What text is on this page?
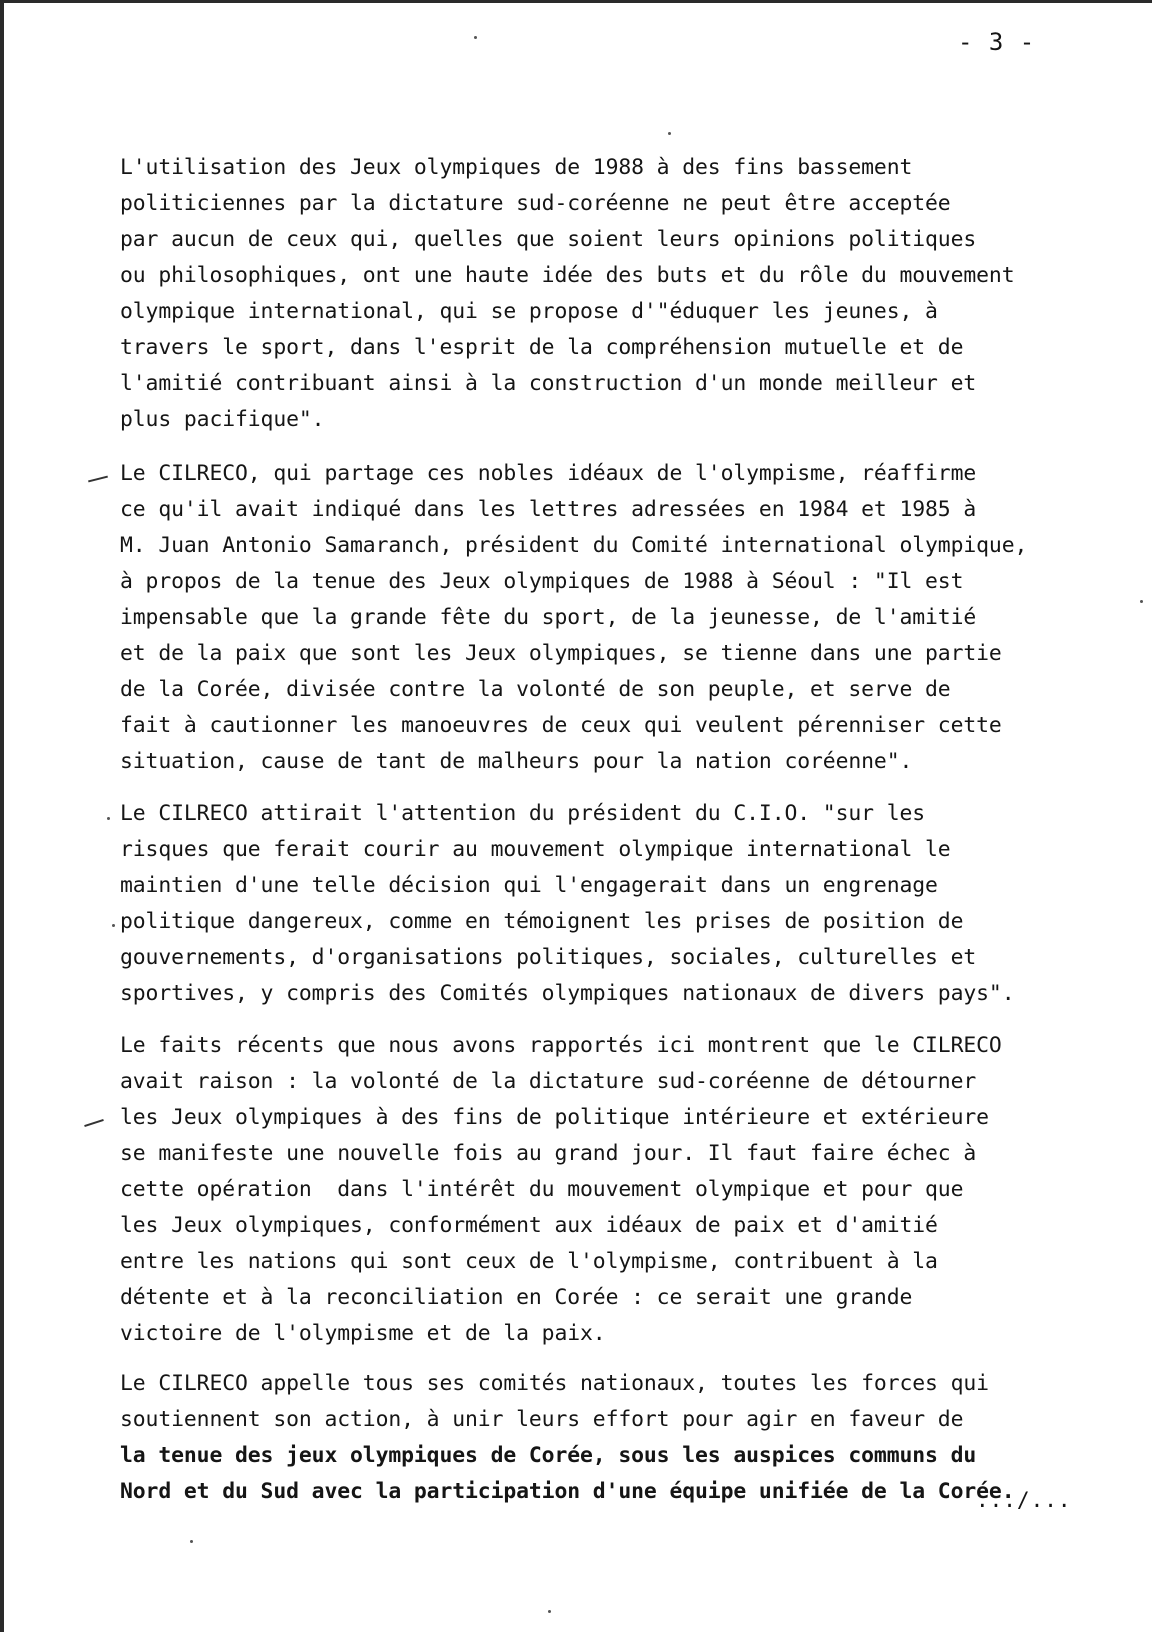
- 3 -
L'utilisation des Jeux olympiques de 1988 à des fins bassement
politiciennes par la dictature sud-coréenne ne peut être acceptée
par aucun de ceux qui, quelles que soient leurs opinions politiques
ou philosophiques, ont une haute idée des buts et du rôle du mouvement
olympique international, qui se propose d'"éduquer les jeunes, à
travers le sport, dans l'esprit de la compréhension mutuelle et de
l'amitié contribuant ainsi à la construction d'un monde meilleur et
plus pacifique".
Le CILRECO, qui partage ces nobles idéaux de l'olympisme, réaffirme
ce qu'il avait indiqué dans les lettres adressées en 1984 et 1985 à
M. Juan Antonio Samaranch, président du Comité international olympique,
à propos de la tenue des Jeux olympiques de 1988 à Séoul : "Il est
impensable que la grande fête du sport, de la jeunesse, de l'amitié
et de la paix que sont les Jeux olympiques, se tienne dans une partie
de la Corée, divisée contre la volonté de son peuple, et serve de
fait à cautionner les manoeuvres de ceux qui veulent pérenniser cette
situation, cause de tant de malheurs pour la nation coréenne".
Le CILRECO attirait l'attention du président du C.I.O. "sur les
risques que ferait courir au mouvement olympique international le
maintien d'une telle décision qui l'engagerait dans un engrenage
politique dangereux, comme en témoignent les prises de position de
gouvernements, d'organisations politiques, sociales, culturelles et
sportives, y compris des Comités olympiques nationaux de divers pays".
Le faits récents que nous avons rapportés ici montrent que le CILRECO
avait raison : la volonté de la dictature sud-coréenne de détourner
les Jeux olympiques à des fins de politique intérieure et extérieure
se manifeste une nouvelle fois au grand jour. Il faut faire échec à
cette opération  dans l'intérêt du mouvement olympique et pour que
les Jeux olympiques, conformément aux idéaux de paix et d'amitié
entre les nations qui sont ceux de l'olympisme, contribuent à la
détente et à la reconciliation en Corée : ce serait une grande
victoire de l'olympisme et de la paix.
Le CILRECO appelle tous ses comités nationaux, toutes les forces qui
soutiennent son action, à unir leurs effort pour agir en faveur de
la tenue des jeux olympiques de Corée, sous les auspices communs du
Nord et du Sud avec la participation d'une équipe unifiée de la Corée.
.../...
